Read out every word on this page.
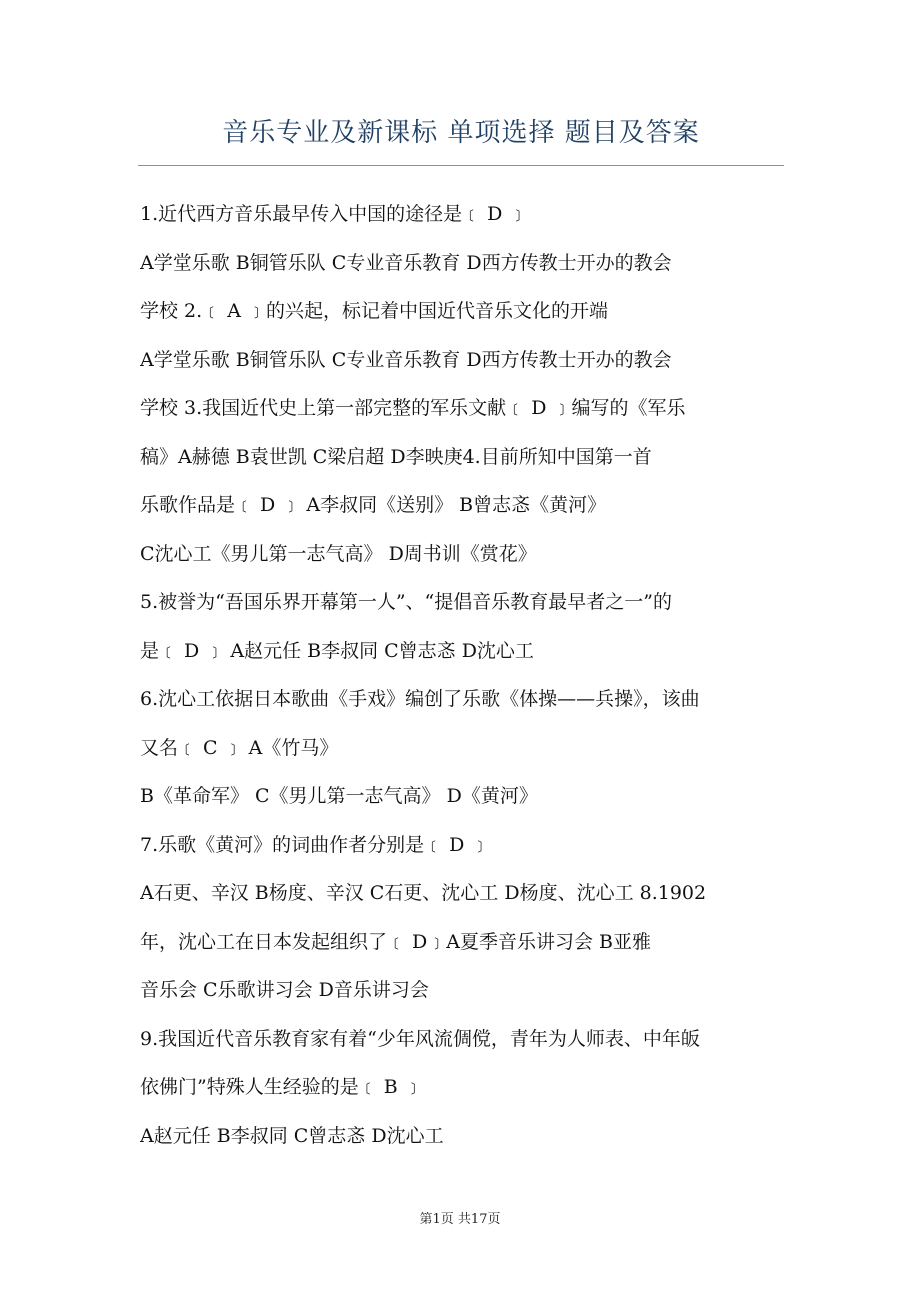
音乐专业及新课标 单项选择 题目及答案
1.近代西方音乐最早传入中国的途径是﹝ D ﹞
A学堂乐歌 B铜管乐队 C专业音乐教育 D西方传教士开办的教会
学校 2.﹝ A ﹞的兴起，标记着中国近代音乐文化的开端
A学堂乐歌 B铜管乐队 C专业音乐教育 D西方传教士开办的教会
学校 3.我国近代史上第一部完整的军乐文献﹝ D ﹞编写的《军乐
稿》A赫德 B袁世凯 C梁启超 D李映庚4.目前所知中国第一首
乐歌作品是﹝ D ﹞ A李叔同《送别》 B曾志忞《黄河》
C沈心工《男儿第一志气高》 D周书训《赏花》
5.被誉为“吾国乐界开幕第一人”、“提倡音乐教育最早者之一”的
是﹝ D ﹞ A赵元任 B李叔同 C曾志忞 D沈心工
6.沈心工依据日本歌曲《手戏》编创了乐歌《体操——兵操》，该曲
又名﹝ C ﹞ A《竹马》
B《革命军》 C《男儿第一志气高》 D《黄河》
7.乐歌《黄河》的词曲作者分别是﹝ D ﹞
A石更、辛汉 B杨度、辛汉 C石更、沈心工 D杨度、沈心工 8.1902
年，沈心工在日本发起组织了﹝ D﹞A夏季音乐讲习会 B亚雅
音乐会 C乐歌讲习会 D音乐讲习会
9.我国近代音乐教育家有着“少年风流倜傥，青年为人师表、中年皈
依佛门”特殊人生经验的是﹝ B ﹞
A赵元任 B李叔同 C曾志忞 D沈心工
第1页 共17页
